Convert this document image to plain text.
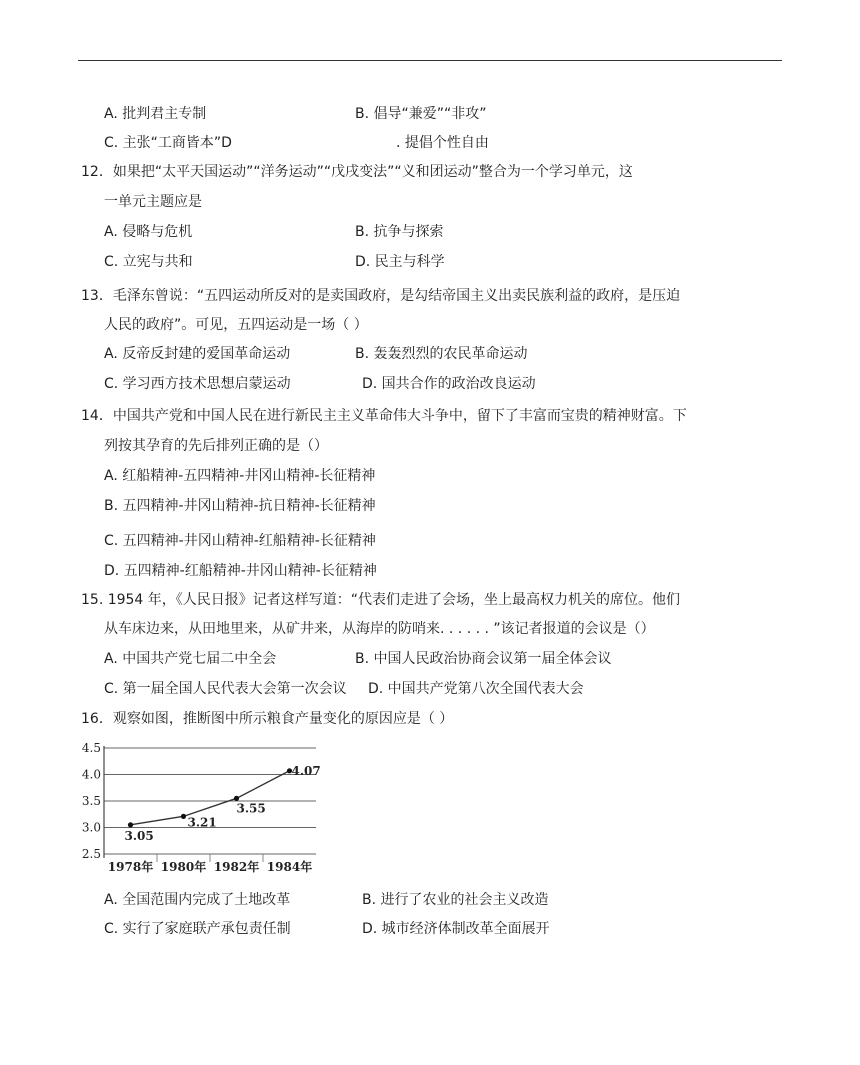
A. 批判君主专制	B. 倡导“兼爱”“非攻”
C. 主张“工商皆本”D	. 提倡个性自由
12．如果把“太平天国运动”“洋务运动”“戊戌变法”“义和团运动”整合为一个学习单元，这
一单元主题应是
A. 侵略与危机	B. 抗争与探索
C. 立宪与共和	D. 民主与科学
13．毛泽东曾说：“五四运动所反对的是卖国政府，是勾结帝国主义出卖民族利益的政府，是压迫
人民的政府”。可见，五四运动是一场（ ）
A. 反帝反封建的爱国革命运动	B. 轰轰烈烈的农民革命运动
C. 学习西方技术思想启蒙运动	D. 国共合作的政治改良运动
14．中国共产党和中国人民在进行新民主主义革命伟大斗争中，留下了丰富而宝贵的精神财富。下
列按其孕育的先后排列正确的是（）
A. 红船精神-五四精神-井冈山精神-长征精神
B. 五四精神-井冈山精神-抗日精神-长征精神
C. 五四精神-井冈山精神-红船精神-长征精神
D. 五四精神-红船精神-井冈山精神-长征精神
15. 1954 年，《人民日报》记者这样写道：“代表们走进了会场，坐上最高权力机关的席位。他们
从车床边来，从田地里来，从矿井来，从海岸的防哨来. . . . . . ”该记者报道的会议是（）
A. 中国共产党七届二中全会	B. 中国人民政治协商会议第一届全体会议
C. 第一届全国人民代表大会第一次会议 D. 中国共产党第八次全国代表大会
16．观察如图，推断图中所示粮食产量变化的原因应是（ ）
4.5
4.0
3.5
3.0
2.5
1978年 1980年 1982年 1984年
3.05
3.21
3.55
4.07
A. 全国范围内完成了土地改革	B. 进行了农业的社会主义改造
C. 实行了家庭联产承包责任制	D. 城市经济体制改革全面展开
